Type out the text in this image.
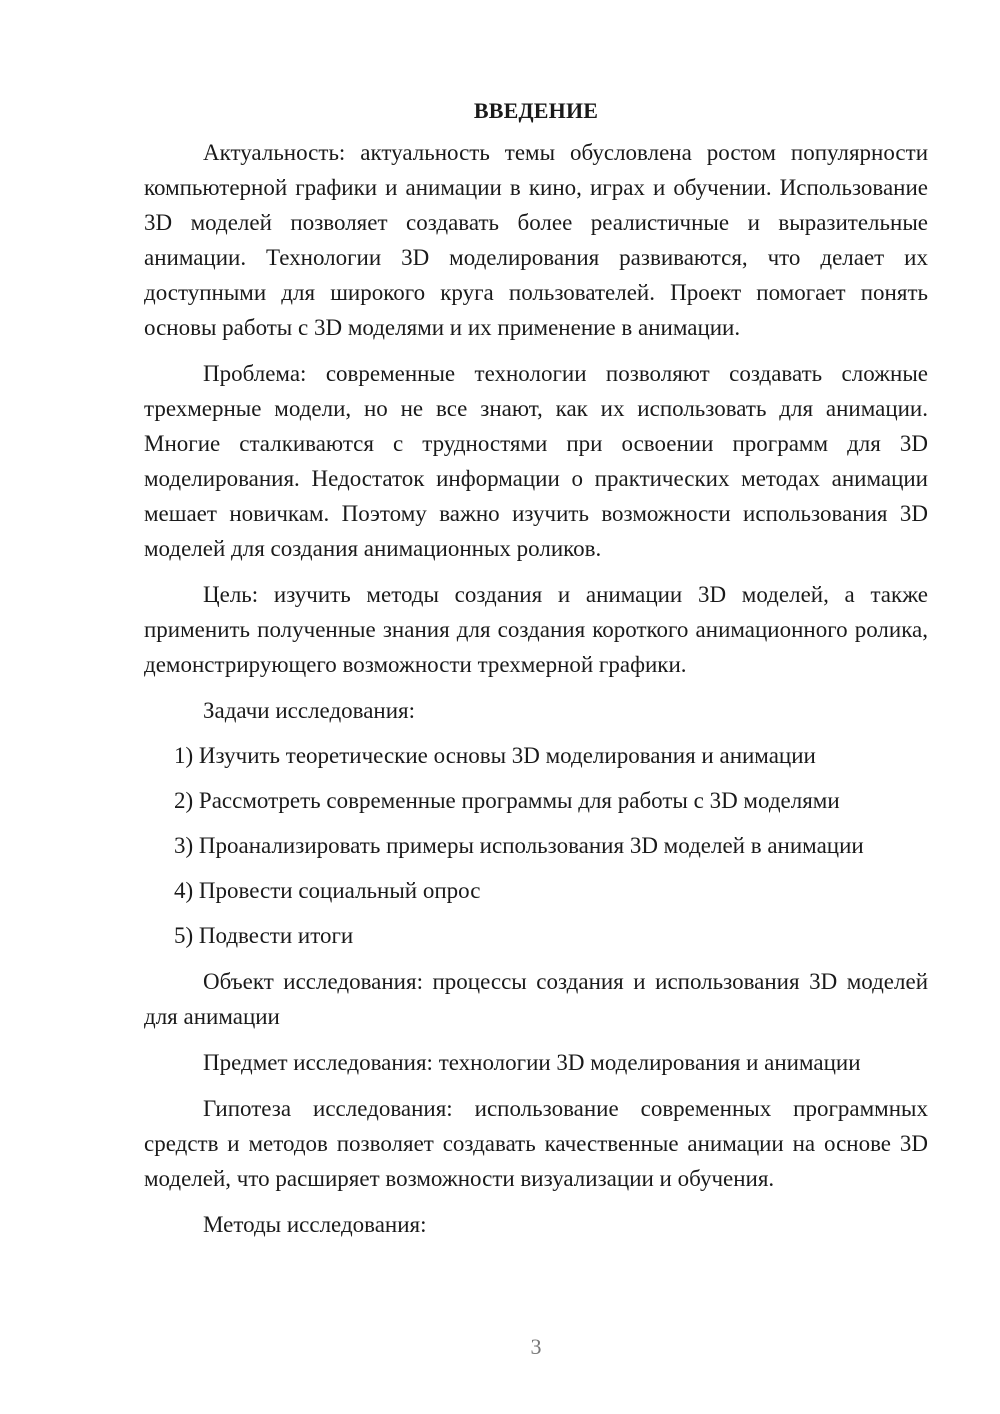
ВВЕДЕНИЕ

Актуальность: актуальность темы обусловлена ростом популярности компьютерной графики и анимации в кино, играх и обучении. Использование 3D моделей позволяет создавать более реалистичные и выразительные анимации. Технологии 3D моделирования развиваются, что делает их доступными для широкого круга пользователей. Проект помогает понять основы работы с 3D моделями и их применение в анимации.

Проблема: современные технологии позволяют создавать сложные трехмерные модели, но не все знают, как их использовать для анимации. Многие сталкиваются с трудностями при освоении программ для 3D моделирования. Недостаток информации о практических методах анимации мешает новичкам. Поэтому важно изучить возможности использования 3D моделей для создания анимационных роликов.

Цель: изучить методы создания и анимации 3D моделей, а также применить полученные знания для создания короткого анимационного ролика, демонстрирующего возможности трехмерной графики.

Задачи исследования:

1) Изучить теоретические основы 3D моделирования и анимации

2) Рассмотреть современные программы для работы с 3D моделями

3) Проанализировать примеры использования 3D моделей в анимации

4) Провести социальный опрос

5) Подвести итоги

Объект исследования: процессы создания и использования 3D моделей для анимации

Предмет исследования: технологии 3D моделирования и анимации

Гипотеза исследования: использование современных программных средств и методов позволяет создавать качественные анимации на основе 3D моделей, что расширяет возможности визуализации и обучения.

Методы исследования:

3
